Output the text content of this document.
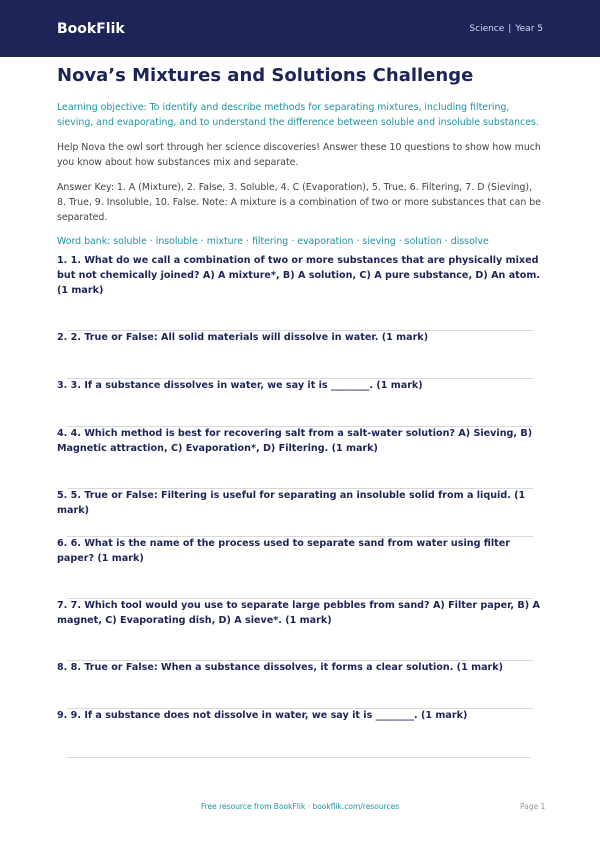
BookFlik	Science | Year 5
Nova’s Mixtures and Solutions Challenge

Learning objective: To identify and describe methods for separating mixtures, including filtering, sieving, and evaporating, and to understand the difference between soluble and insoluble substances.

Help Nova the owl sort through her science discoveries! Answer these 10 questions to show how much you know about how substances mix and separate.

Answer Key: 1. A (Mixture), 2. False, 3. Soluble, 4. C (Evaporation), 5. True, 6. Filtering, 7. D (Sieving), 8. True, 9. Insoluble, 10. False. Note: A mixture is a combination of two or more substances that can be separated.

Word bank: soluble · insoluble · mixture · filtering · evaporation · sieving · solution · dissolve

1. 1. What do we call a combination of two or more substances that are physically mixed but not chemically joined? A) A mixture*, B) A solution, C) A pure substance, D) An atom. (1 mark)
2. 2. True or False: All solid materials will dissolve in water. (1 mark)
3. 3. If a substance dissolves in water, we say it is ________. (1 mark)
4. 4. Which method is best for recovering salt from a salt-water solution? A) Sieving, B) Magnetic attraction, C) Evaporation*, D) Filtering. (1 mark)
5. 5. True or False: Filtering is useful for separating an insoluble solid from a liquid. (1 mark)
6. 6. What is the name of the process used to separate sand from water using filter paper? (1 mark)
7. 7. Which tool would you use to separate large pebbles from sand? A) Filter paper, B) A magnet, C) Evaporating dish, D) A sieve*. (1 mark)
8. 8. True or False: When a substance dissolves, it forms a clear solution. (1 mark)
9. 9. If a substance does not dissolve in water, we say it is ________. (1 mark)
Free resource from BookFlik · bookflik.com/resources	Page 1
